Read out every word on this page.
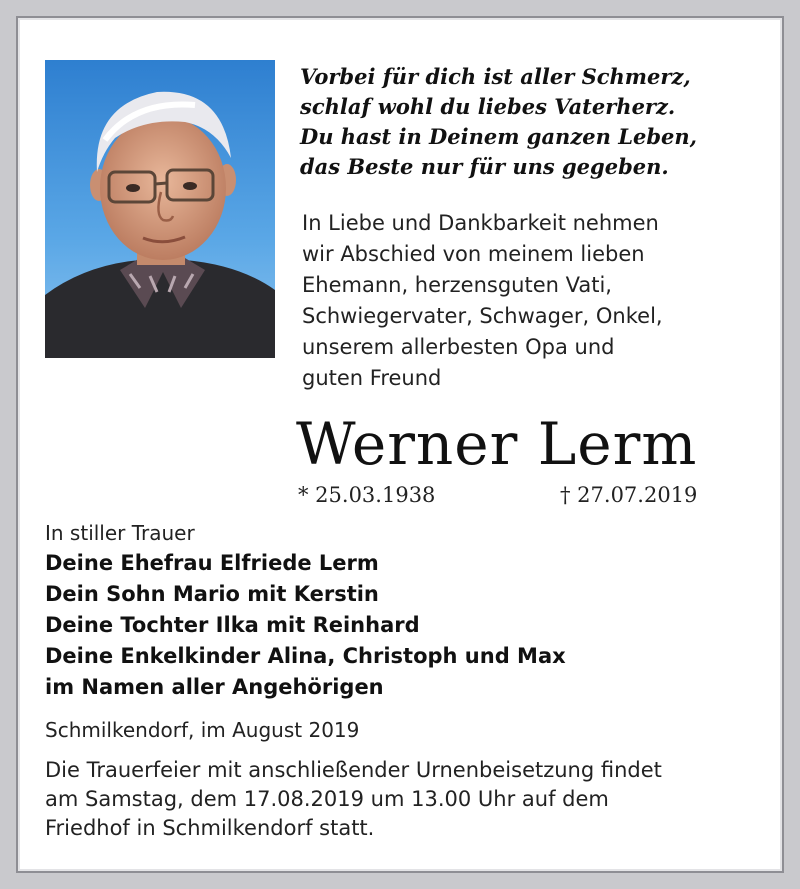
Vorbei für dich ist aller Schmerz,
schlaf wohl du liebes Vaterherz.
Du hast in Deinem ganzen Leben,
das Beste nur für uns gegeben.
In Liebe und Dankbarkeit nehmen
wir Abschied von meinem lieben
Ehemann, herzensguten Vati,
Schwiegervater, Schwager, Onkel,
unserem allerbesten Opa und
guten Freund
Werner Lerm
* 25.03.1938	† 27.07.2019
In stiller Trauer
Deine Ehefrau Elfriede Lerm
Dein Sohn Mario mit Kerstin
Deine Tochter Ilka mit Reinhard
Deine Enkelkinder Alina, Christoph und Max
im Namen aller Angehörigen
Schmilkendorf, im August 2019
Die Trauerfeier mit anschließender Urnenbeisetzung findet
am Samstag, dem 17.08.2019 um 13.00 Uhr auf dem
Friedhof in Schmilkendorf statt.
